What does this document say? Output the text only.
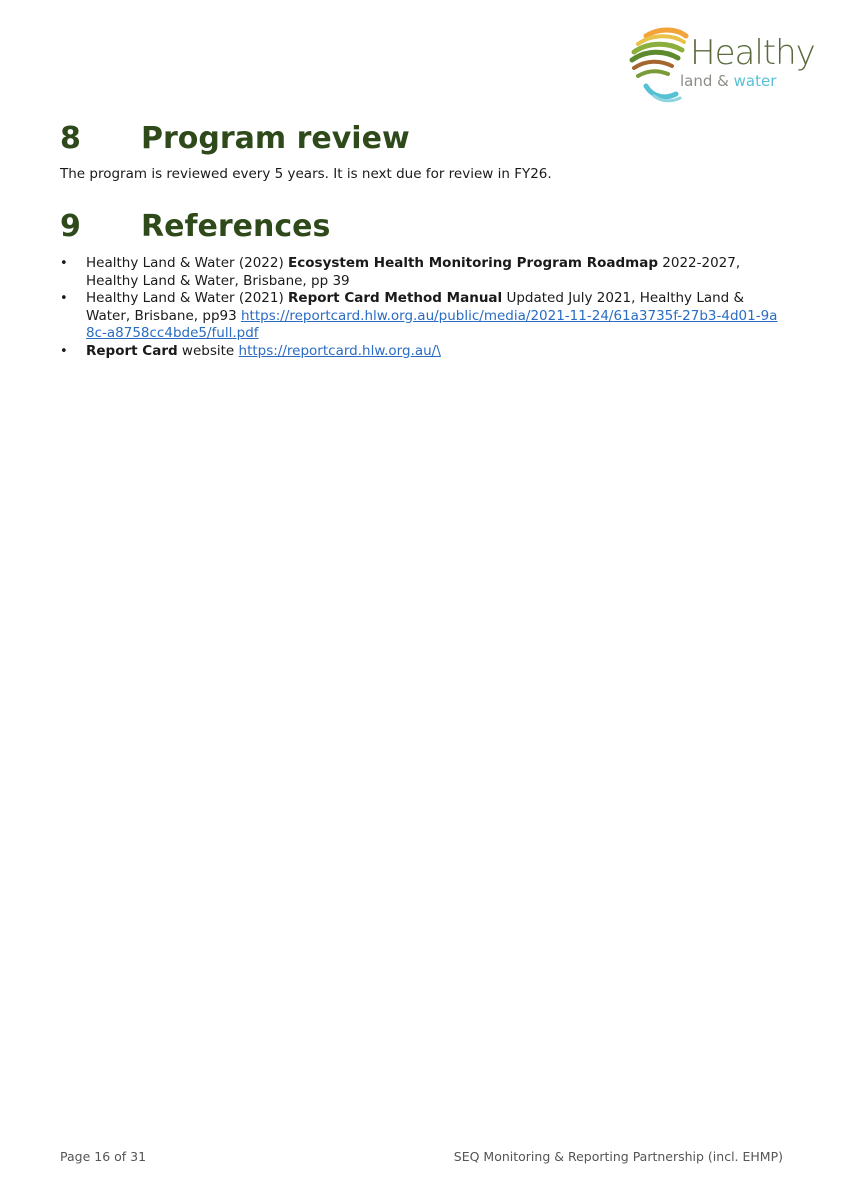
Healthy
land & water
8 Program review

The program is reviewed every 5 years. It is next due for review in FY26.

9 References
• Healthy Land & Water (2022) Ecosystem Health Monitoring Program Roadmap 2022-2027, Healthy Land & Water, Brisbane, pp 39
• Healthy Land & Water (2021) Report Card Method Manual Updated July 2021, Healthy Land & Water, Brisbane, pp93 https://reportcard.hlw.org.au/public/media/2021-11-24/61a3735f-27b3-4d01-9a8c-a8758cc4bde5/full.pdf
• Report Card website https://reportcard.hlw.org.au/\

Page 16 of 31	SEQ Monitoring & Reporting Partnership (incl. EHMP)
